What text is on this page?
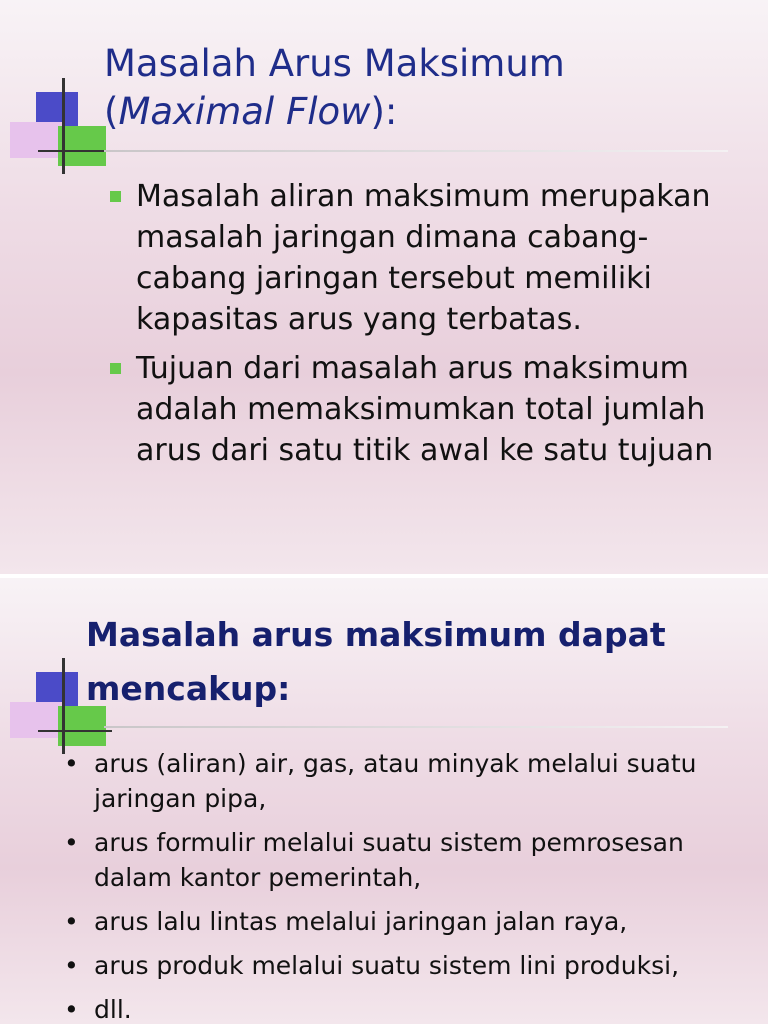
Masalah Arus Maksimum
(Maximal Flow):
Masalah aliran maksimum merupakan masalah jaringan dimana cabang-cabang jaringan tersebut memiliki kapasitas arus yang terbatas.
Tujuan dari masalah arus maksimum adalah memaksimumkan total jumlah arus dari satu titik awal ke satu tujuan
Masalah arus maksimum dapat mencakup:
• arus (aliran) air, gas, atau minyak melalui suatu jaringan pipa,
• arus formulir melalui suatu sistem pemrosesan dalam kantor pemerintah,
• arus lalu lintas melalui jaringan jalan raya,
• arus produk melalui suatu sistem lini produksi,
• dll.
